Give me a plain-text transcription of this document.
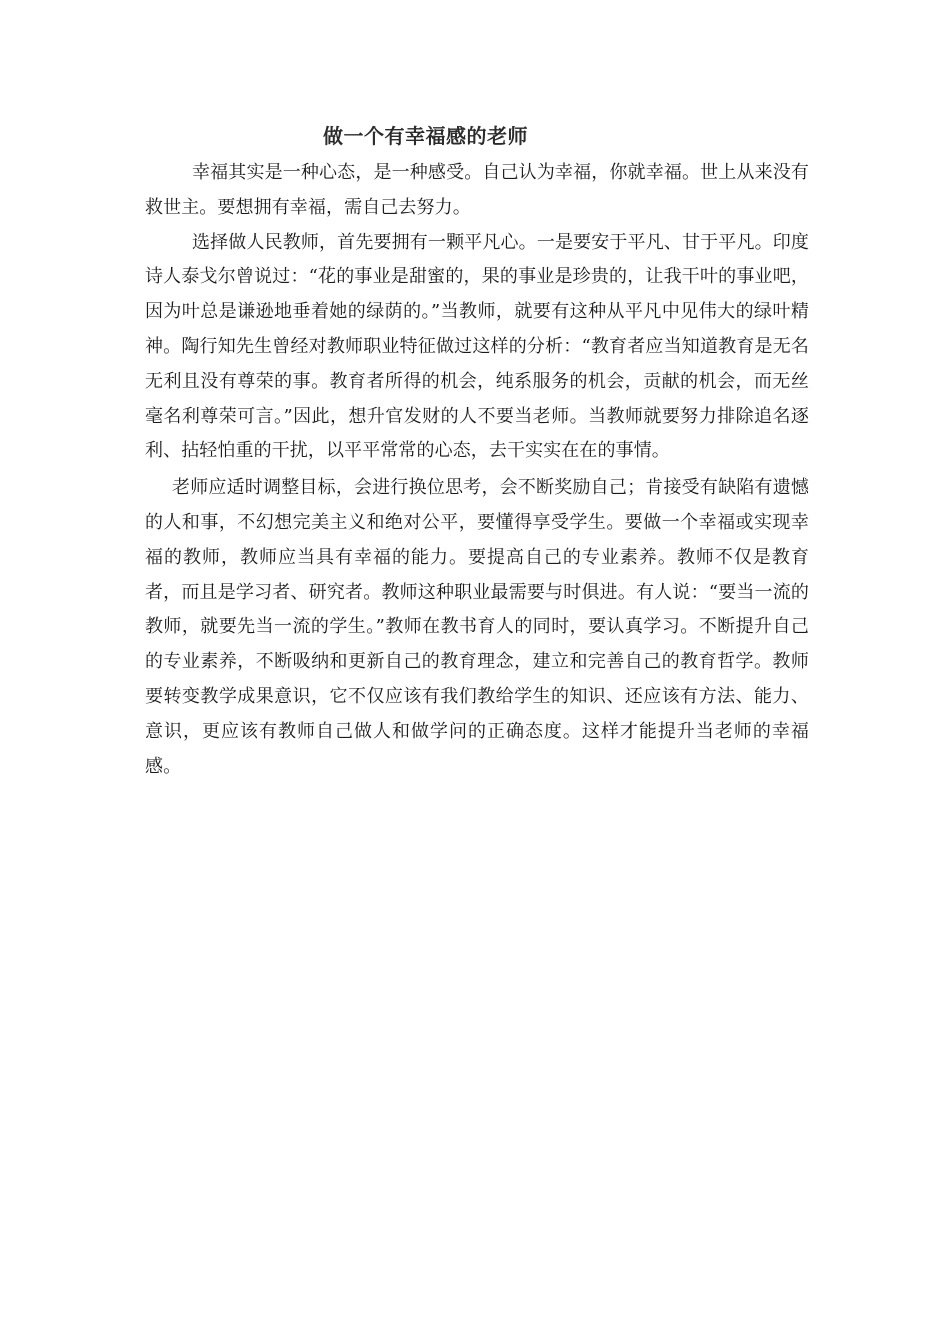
做一个有幸福感的老师

幸福其实是一种心态，是一种感受。自己认为幸福，你就幸福。世上从来没有救世主。要想拥有幸福，需自己去努力。

选择做人民教师，首先要拥有一颗平凡心。一是要安于平凡、甘于平凡。印度诗人泰戈尔曾说过：“花的事业是甜蜜的，果的事业是珍贵的，让我干叶的事业吧，因为叶总是谦逊地垂着她的绿荫的。”当教师，就要有这种从平凡中见伟大的绿叶精神。陶行知先生曾经对教师职业特征做过这样的分析：“教育者应当知道教育是无名无利且没有尊荣的事。教育者所得的机会，纯系服务的机会，贡献的机会，而无丝毫名利尊荣可言。”因此，想升官发财的人不要当老师。当教师就要努力排除追名逐利、拈轻怕重的干扰，以平平常常的心态，去干实实在在的事情。

老师应适时调整目标，会进行换位思考，会不断奖励自己；肯接受有缺陷有遗憾的人和事，不幻想完美主义和绝对公平，要懂得享受学生。要做一个幸福或实现幸福的教师，教师应当具有幸福的能力。要提高自己的专业素养。教师不仅是教育者，而且是学习者、研究者。教师这种职业最需要与时俱进。有人说：“要当一流的教师，就要先当一流的学生。”教师在教书育人的同时，要认真学习。不断提升自己的专业素养，不断吸纳和更新自己的教育理念，建立和完善自己的教育哲学。教师要转变教学成果意识，它不仅应该有我们教给学生的知识、还应该有方法、能力、意识，更应该有教师自己做人和做学问的正确态度。这样才能提升当老师的幸福感。
